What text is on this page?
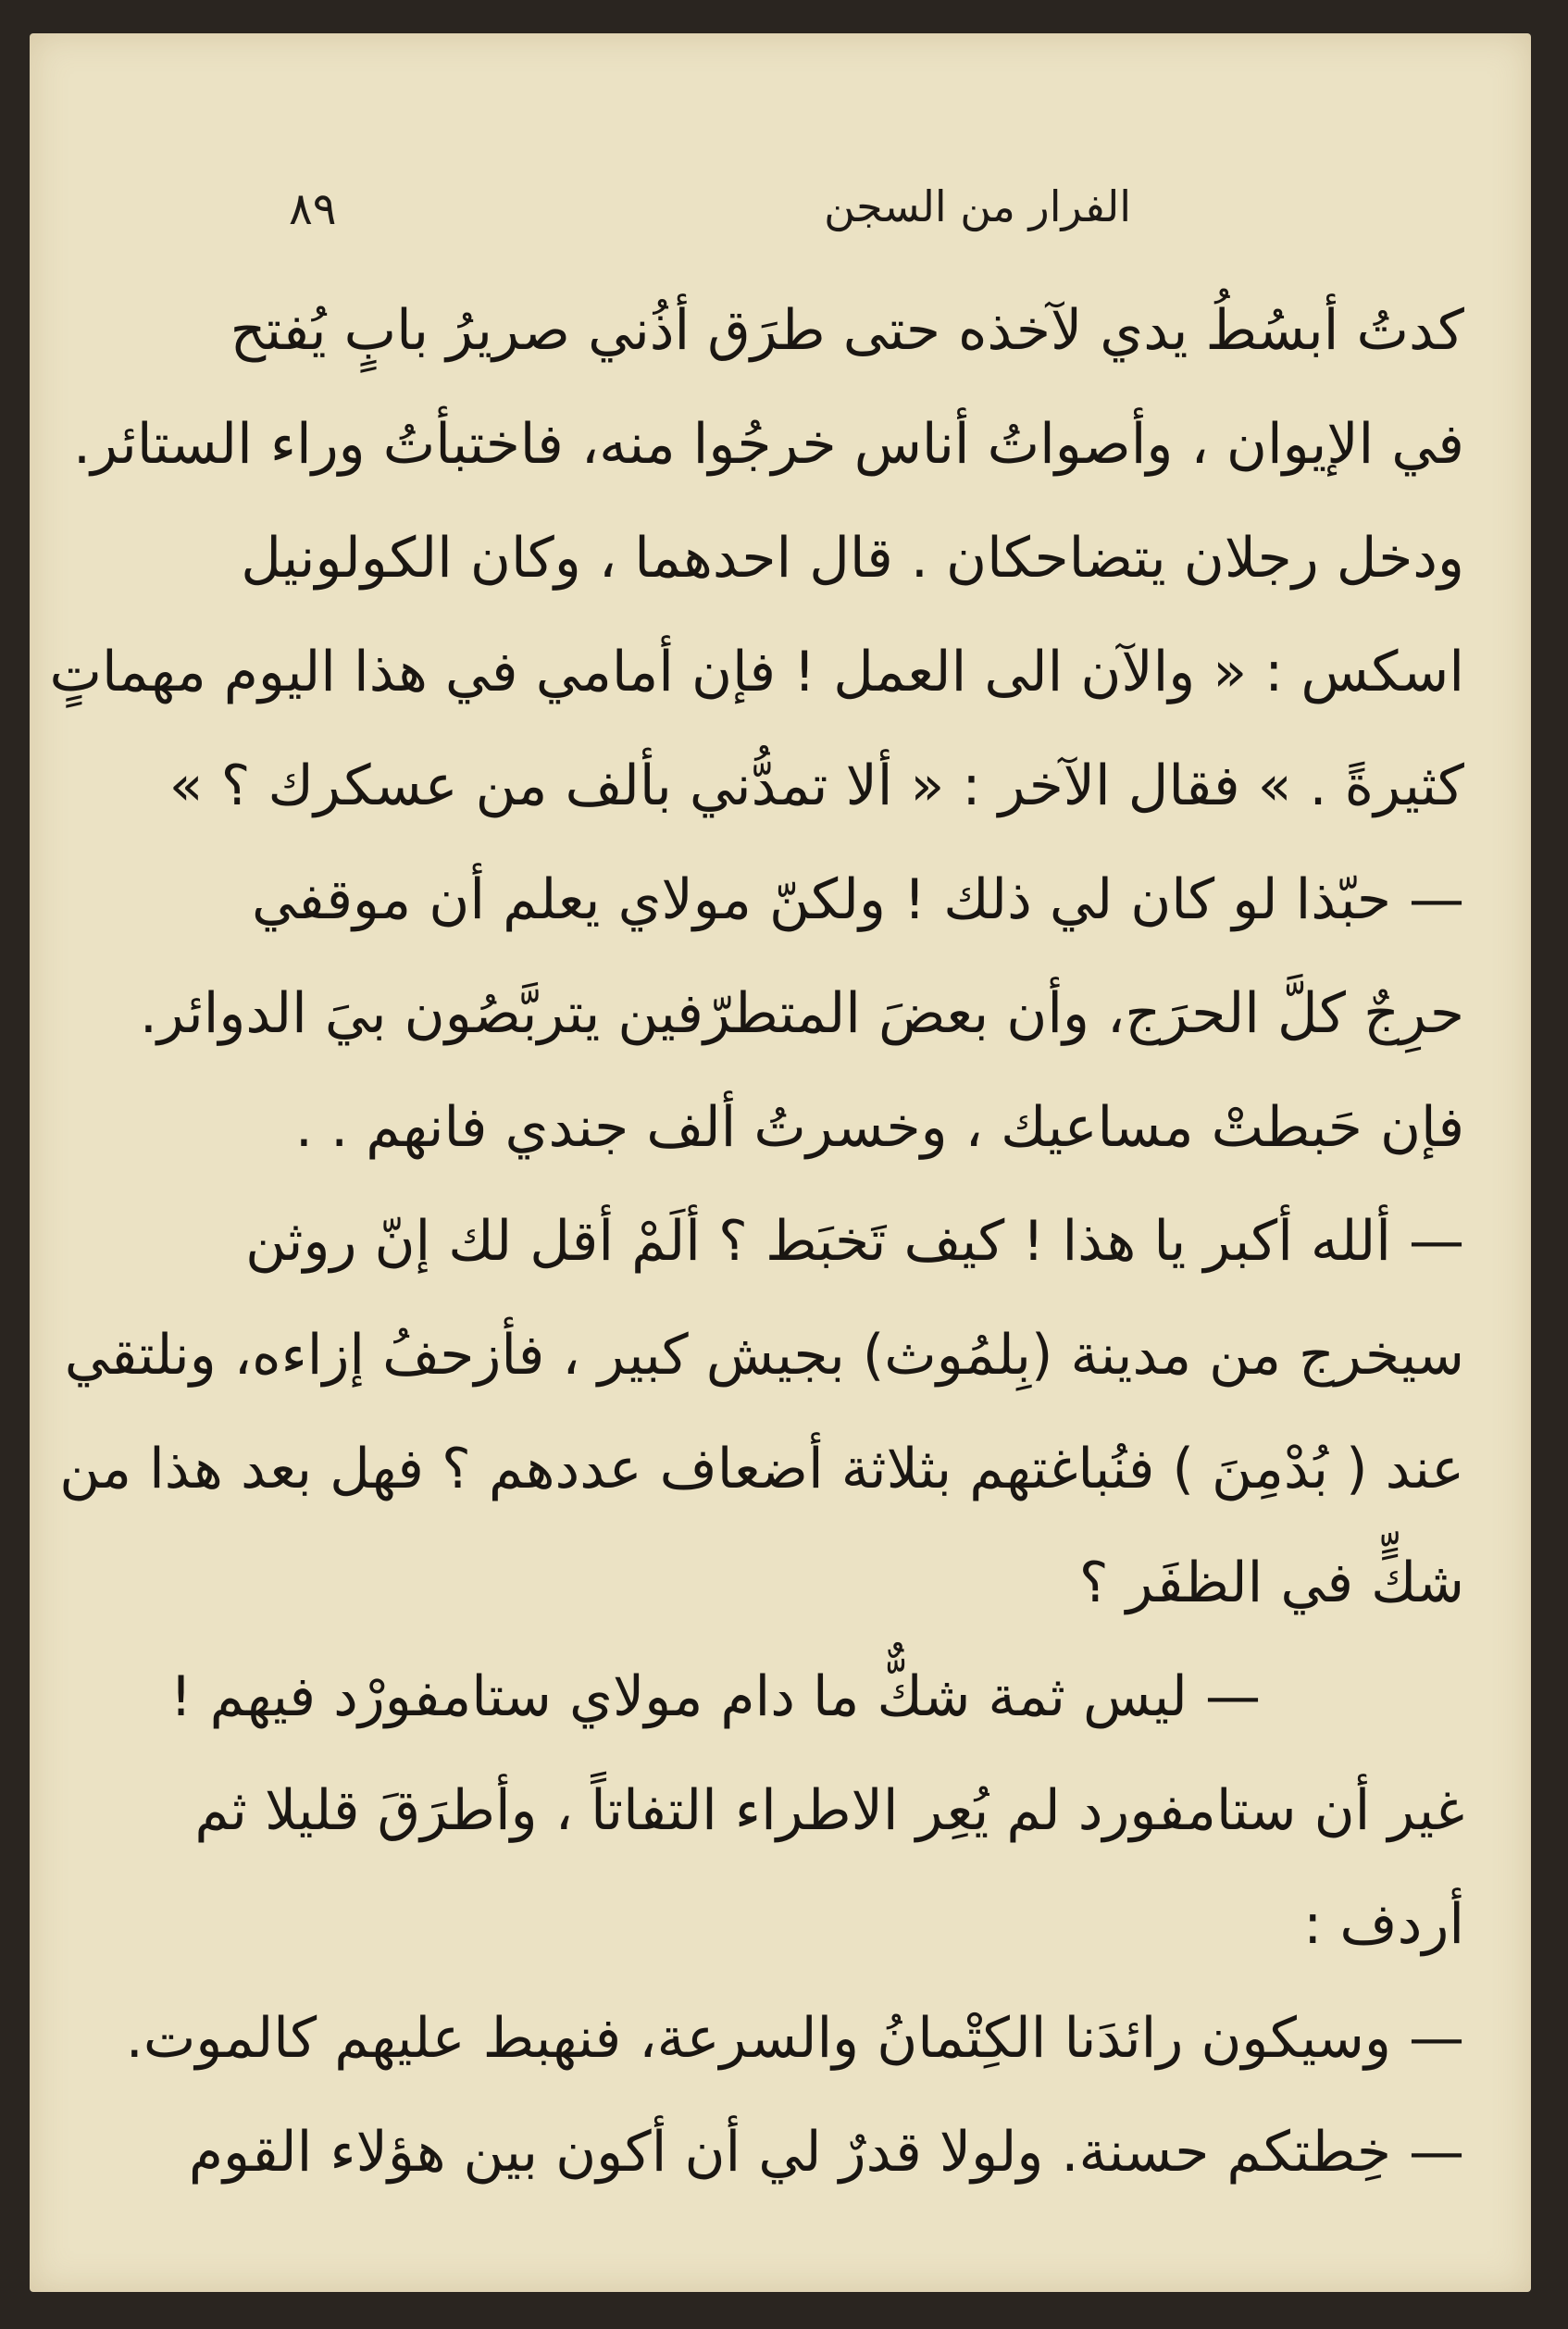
الفرار من السجن
٨٩
كدتُ أبسُطُ يدي لآخذه حتى طرَق أذُني صريرُ بابٍ يُفتح
في الإيوان ، وأصواتُ أناس خرجُوا منه، فاختبأتُ وراء الستائر.
ودخل رجلان يتضاحكان . قال احدهما ، وكان الكولونيل
اسكس : « والآن الى العمل ! فإن أمامي في هذا اليوم مهماتٍ
كثيرةً . » فقال الآخر : « ألا تمدُّني بألف من عسكرك ؟ »
— حبّذا لو كان لي ذلك ! ولكنّ مولاي يعلم أن موقفي
حرِجٌ كلَّ الحرَج، وأن بعضَ المتطرّفين يتربَّصُون بيَ الدوائر.
فإن حَبطتْ مساعيك ، وخسرتُ ألف جندي فانهم . .
— ألله أكبر يا هذا ! كيف تَخبَط ؟ ألَمْ أقل لك إنّ روثن
سيخرج من مدينة (بِلمُوث) بجيش كبير ، فأزحفُ إزاءه، ونلتقي
عند ( بُدْمِنَ ) فنُباغتهم بثلاثة أضعاف عددهم ؟ فهل بعد هذا من
شكٍّ في الظفَر ؟
— ليس ثمة شكٌّ ما دام مولاي ستامفورْد فيهم !
غير أن ستامفورد لم يُعِر الاطراء التفاتاً ، وأطرَقَ قليلا ثم
أردف :
— وسيكون رائدَنا الكِتْمانُ والسرعة، فنهبط عليهم كالموت.
— خِطتكم حسنة. ولولا قدرٌ لي أن أكون بين هؤلاء القوم
